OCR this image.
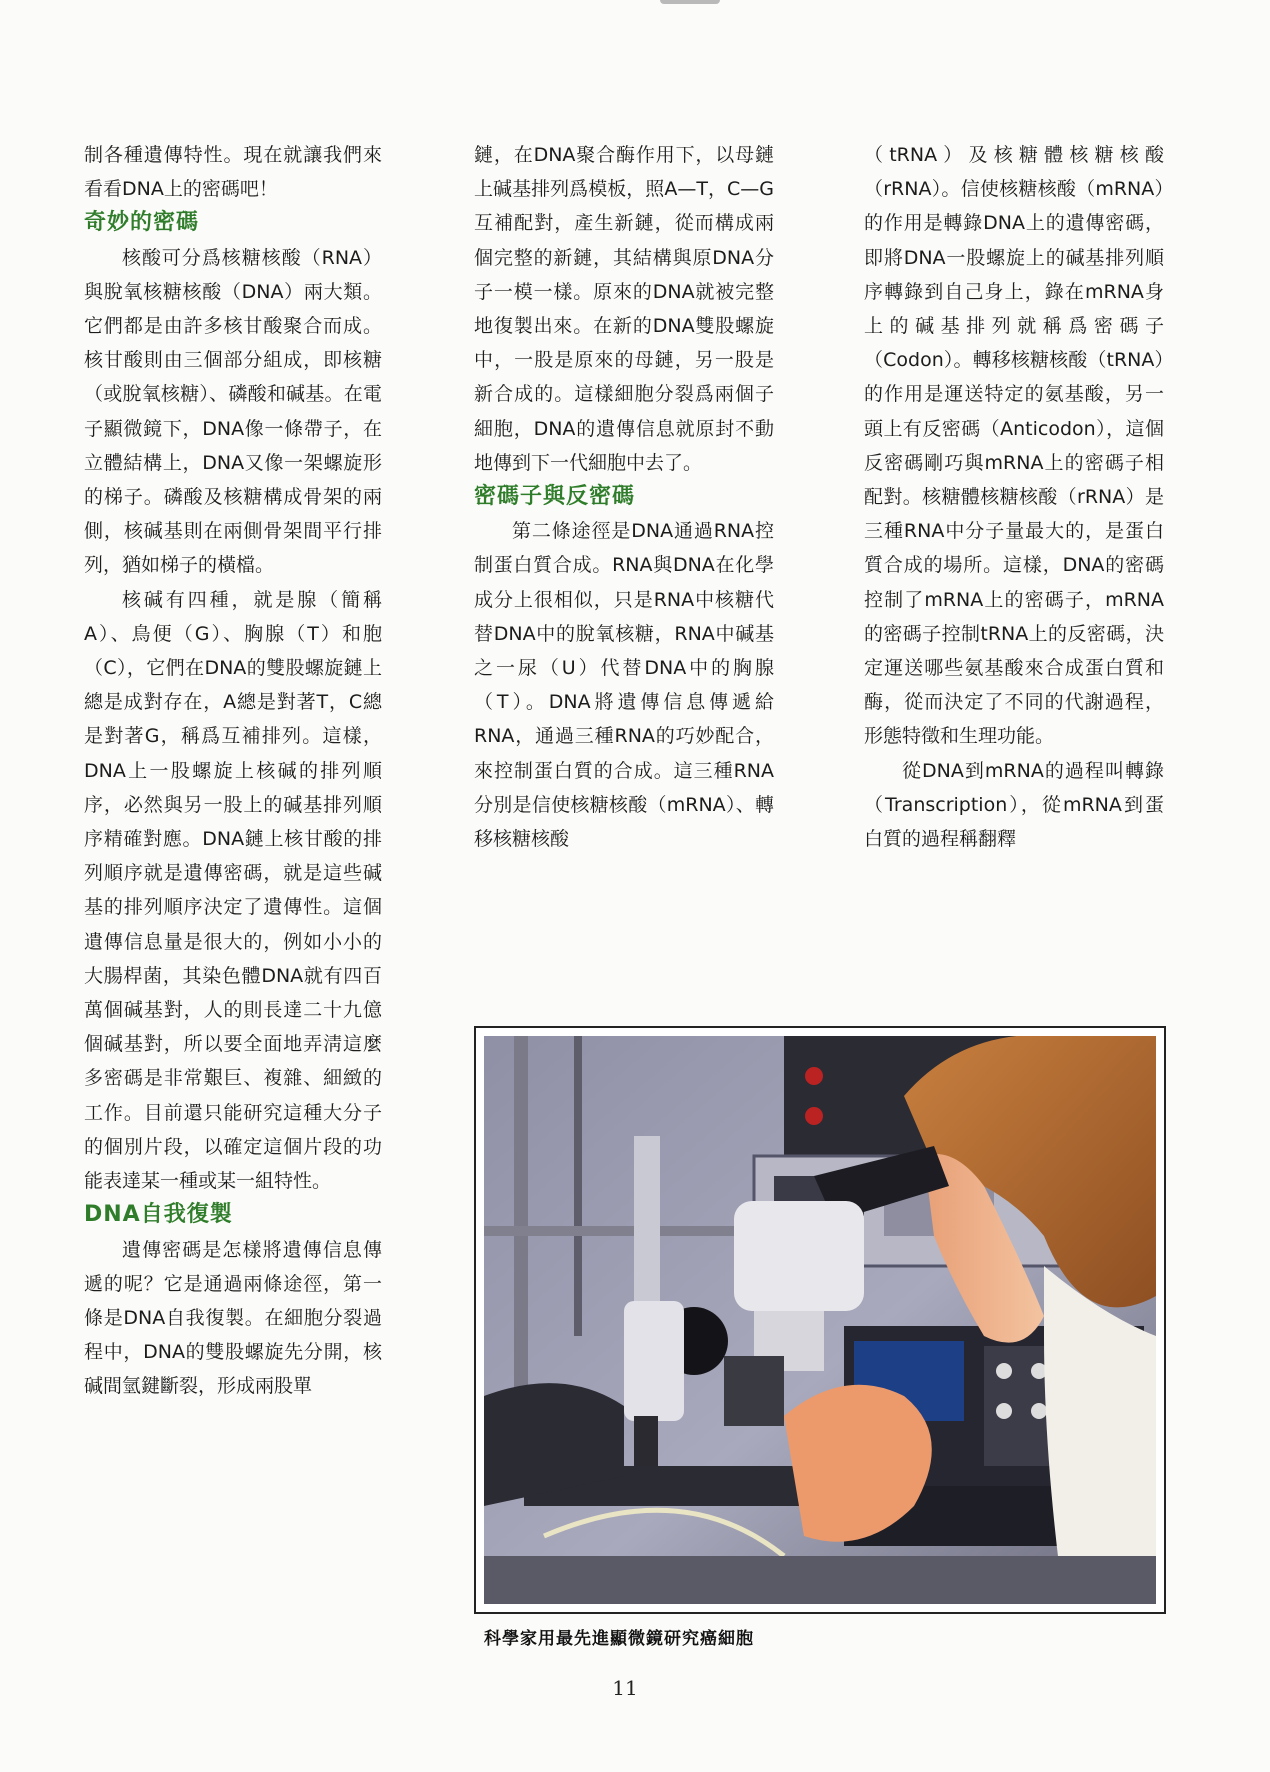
制各種遺傳特性。現在就讓我們來看看DNA上的密碼吧！

奇妙的密碼

核酸可分爲核糖核酸（RNA）與脫氧核糖核酸（DNA）兩大類。它們都是由許多核甘酸聚合而成。核甘酸則由三個部分組成，即核糖（或脫氧核糖）、磷酸和碱基。在電子顯微鏡下，DNA像一條帶子，在立體結構上，DNA又像一架螺旋形的梯子。磷酸及核糖構成骨架的兩側，核碱基則在兩側骨架間平行排列，猶如梯子的橫檔。

核碱有四種，就是腺（簡稱A）、鳥便（G）、胸腺（T）和胞（C），它們在DNA的雙股螺旋鏈上總是成對存在，A總是對著T，C總是對著G，稱爲互補排列。這樣，DNA上一股螺旋上核碱的排列順序，必然與另一股上的碱基排列順序精確對應。DNA鏈上核甘酸的排列順序就是遺傳密碼，就是這些碱基的排列順序決定了遺傳性。這個遺傳信息量是很大的，例如小小的大腸桿菌，其染色體DNA就有四百萬個碱基對，人的則長達二十九億個碱基對，所以要全面地弄淸這麼多密碼是非常艱巨、複雜、細緻的工作。目前還只能研究這種大分子的個別片段，以確定這個片段的功能表達某一種或某一組特性。

DNA自我復製

遺傳密碼是怎樣將遺傳信息傳遞的呢？它是通過兩條途徑，第一條是DNA自我復製。在細胞分裂過程中，DNA的雙股螺旋先分開，核碱間氫鍵斷裂，形成兩股單

鏈，在DNA聚合酶作用下，以母鏈上碱基排列爲模板，照A—T，C—G互補配對，產生新鏈，從而構成兩個完整的新鏈，其結構與原DNA分子一模一樣。原來的DNA就被完整地復製出來。在新的DNA雙股螺旋中，一股是原來的母鏈，另一股是新合成的。這樣細胞分裂爲兩個子細胞，DNA的遺傳信息就原封不動地傳到下一代細胞中去了。

密碼子與反密碼

第二條途徑是DNA通過RNA控制蛋白質合成。RNA與DNA在化學成分上很相似，只是RNA中核糖代替DNA中的脫氧核糖，RNA中碱基之一尿（U）代替DNA中的胸腺（T）。DNA將遺傳信息傳遞給RNA，通過三種RNA的巧妙配合，來控制蛋白質的合成。這三種RNA分別是信使核糖核酸（mRNA）、轉移核糖核酸

（tRNA）及核糖體核糖核酸（rRNA）。信使核糖核酸（mRNA）的作用是轉錄DNA上的遺傳密碼，即將DNA一股螺旋上的碱基排列順序轉錄到自己身上，錄在mRNA身上的碱基排列就稱爲密碼子（Codon）。轉移核糖核酸（tRNA）的作用是運送特定的氨基酸，另一頭上有反密碼（Anticodon），這個反密碼剛巧與mRNA上的密碼子相配對。核糖體核糖核酸（rRNA）是三種RNA中分子量最大的，是蛋白質合成的場所。這樣，DNA的密碼控制了mRNA上的密碼子，mRNA的密碼子控制tRNA上的反密碼，決定運送哪些氨基酸來合成蛋白質和酶，從而決定了不同的代謝過程，形態特徵和生理功能。

從DNA到mRNA的過程叫轉錄（Transcription），從mRNA到蛋白質的過程稱翻釋

科學家用最先進顯微鏡研究癌細胞
11
